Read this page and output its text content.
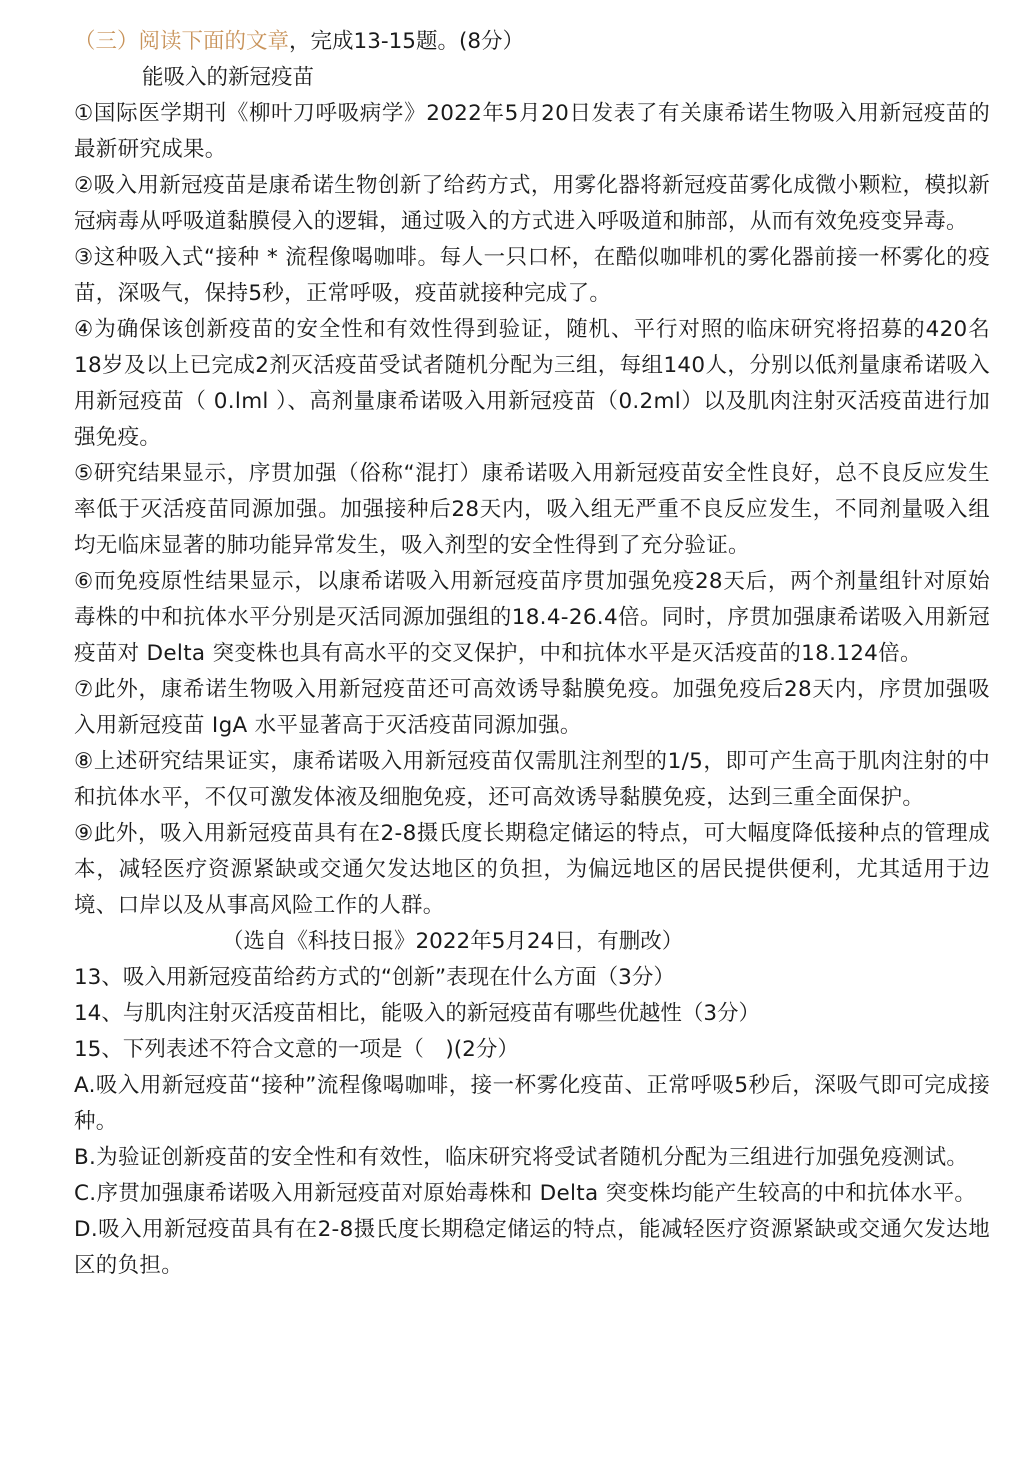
（三）阅读下面的文章，完成13-15题。(8分）

能吸入的新冠疫苗

①国际医学期刊《柳叶刀呼吸病学》2022年5月20日发表了有关康希诺生物吸入用新冠疫苗的最新研究成果。

②吸入用新冠疫苗是康希诺生物创新了给药方式，用雾化器将新冠疫苗雾化成微小颗粒，模拟新冠病毒从呼吸道黏膜侵入的逻辑，通过吸入的方式进入呼吸道和肺部，从而有效免疫变异毒。

③这种吸入式“接种 * 流程像喝咖啡。每人一只口杯，在酷似咖啡机的雾化器前接一杯雾化的疫苗，深吸气，保持5秒，正常呼吸，疫苗就接种完成了。

④为确保该创新疫苗的安全性和有效性得到验证，随机、平行对照的临床研究将招募的420名18岁及以上已完成2剂灭活疫苗受试者随机分配为三组，每组140人，分别以低剂量康希诺吸入用新冠疫苗（ 0.lml ）、高剂量康希诺吸入用新冠疫苗（0.2ml）以及肌肉注射灭活疫苗进行加强免疫。

⑤研究结果显示，序贯加强（俗称“混打）康希诺吸入用新冠疫苗安全性良好，总不良反应发生率低于灭活疫苗同源加强。加强接种后28天内，吸入组无严重不良反应发生，不同剂量吸入组均无临床显著的肺功能异常发生，吸入剂型的安全性得到了充分验证。

⑥而免疫原性结果显示，以康希诺吸入用新冠疫苗序贯加强免疫28天后，两个剂量组针对原始毒株的中和抗体水平分别是灭活同源加强组的18.4-26.4倍。同时，序贯加强康希诺吸入用新冠疫苗对 Delta 突变株也具有高水平的交叉保护，中和抗体水平是灭活疫苗的18.124倍。

⑦此外，康希诺生物吸入用新冠疫苗还可高效诱导黏膜免疫。加强免疫后28天内，序贯加强吸入用新冠疫苗 IgA 水平显著高于灭活疫苗同源加强。

⑧上述研究结果证实，康希诺吸入用新冠疫苗仅需肌注剂型的1/5，即可产生高于肌肉注射的中和抗体水平，不仅可激发体液及细胞免疫，还可高效诱导黏膜免疫，达到三重全面保护。

⑨此外，吸入用新冠疫苗具有在2-8摄氏度长期稳定储运的特点，可大幅度降低接种点的管理成本，减轻医疗资源紧缺或交通欠发达地区的负担，为偏远地区的居民提供便利，尤其适用于边境、口岸以及从事高风险工作的人群。

（选自《科技日报》2022年5月24日，有删改）

13、吸入用新冠疫苗给药方式的“创新”表现在什么方面（3分）

14、与肌肉注射灭活疫苗相比，能吸入的新冠疫苗有哪些优越性（3分）

15、下列表述不符合文意的一项是（　)(2分）

A.吸入用新冠疫苗“接种”流程像喝咖啡，接一杯雾化疫苗、正常呼吸5秒后，深吸气即可完成接种。

B.为验证创新疫苗的安全性和有效性，临床研究将受试者随机分配为三组进行加强免疫测试。

C.序贯加强康希诺吸入用新冠疫苗对原始毒株和 Delta 突变株均能产生较高的中和抗体水平。

D.吸入用新冠疫苗具有在2-8摄氏度长期稳定储运的特点，能减轻医疗资源紧缺或交通欠发达地区的负担。
